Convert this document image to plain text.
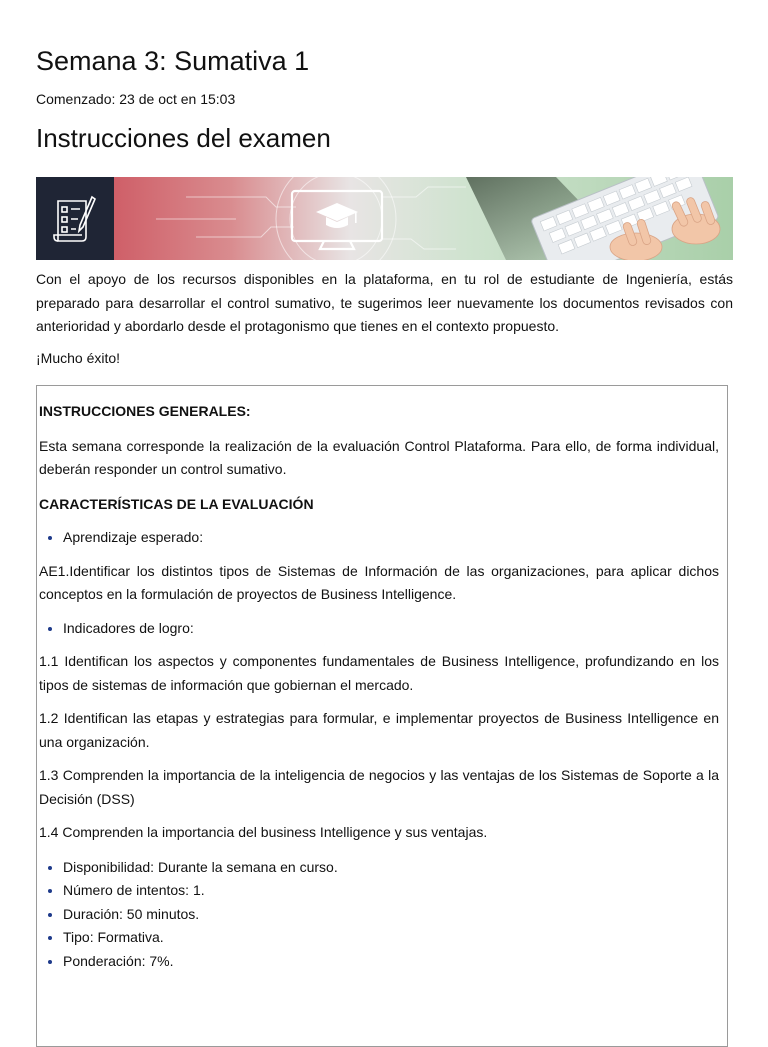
Semana 3: Sumativa 1
Comenzado: 23 de oct en 15:03
Instrucciones del examen

Con el apoyo de los recursos disponibles en la plataforma, en tu rol de estudiante de Ingeniería, estás preparado para desarrollar el control sumativo, te sugerimos leer nuevamente los documentos revisados con anterioridad y abordarlo desde el protagonismo que tienes en el contexto propuesto.

¡Mucho éxito!

INSTRUCCIONES GENERALES:

Esta semana corresponde la realización de la evaluación Control Plataforma. Para ello, de forma individual, deberán responder un control sumativo.

CARACTERÍSTICAS DE LA EVALUACIÓN

• Aprendizaje esperado:

AE1.Identificar los distintos tipos de Sistemas de Información de las organizaciones, para aplicar dichos conceptos en la formulación de proyectos de Business Intelligence.

• Indicadores de logro:

1.1 Identifican los aspectos y componentes fundamentales de Business Intelligence, profundizando en los tipos de sistemas de información que gobiernan el mercado.

1.2 Identifican las etapas y estrategias para formular, e implementar proyectos de Business Intelligence en una organización.

1.3 Comprenden la importancia de la inteligencia de negocios y las ventajas de los Sistemas de Soporte a la Decisión (DSS)

1.4 Comprenden la importancia del business Intelligence y sus ventajas.

• Disponibilidad: Durante la semana en curso.
• Número de intentos: 1.
• Duración: 50 minutos.
• Tipo: Formativa.
• Ponderación: 7%.
